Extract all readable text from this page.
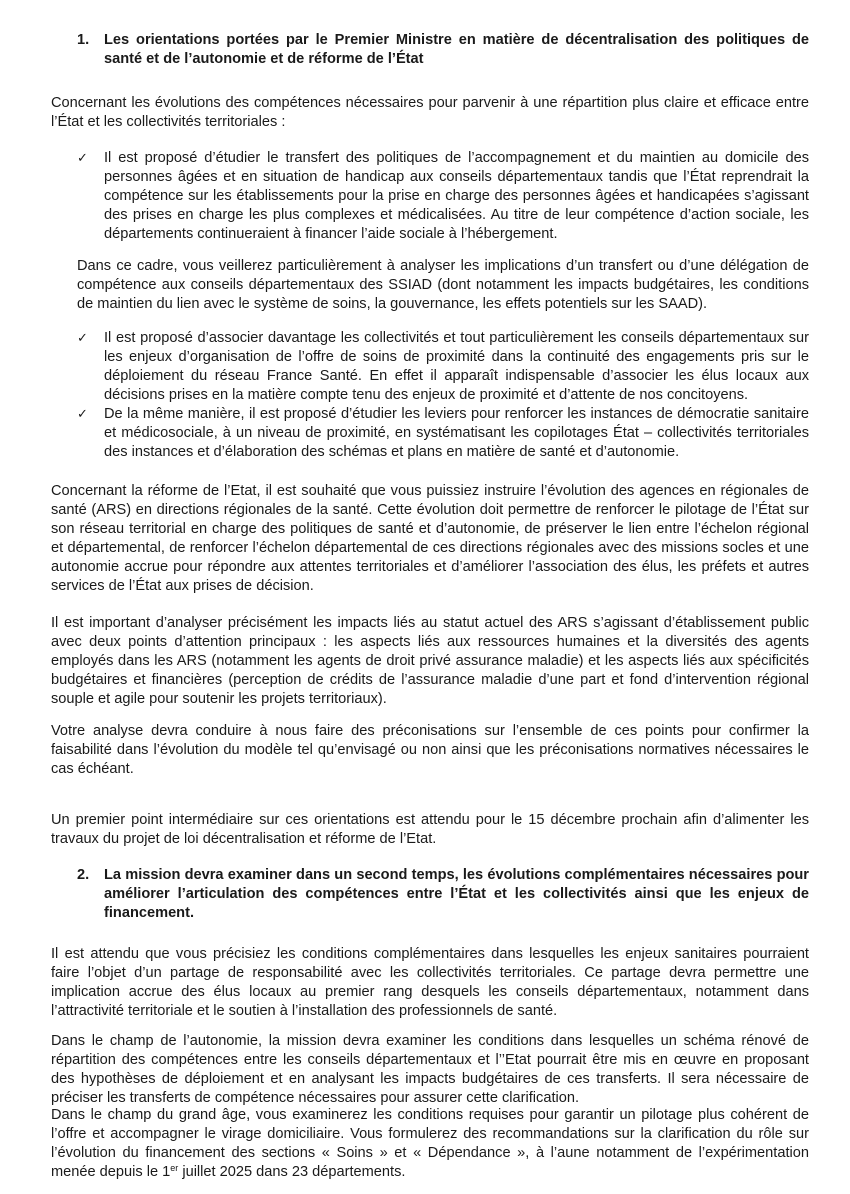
1. Les orientations portées par le Premier Ministre en matière de décentralisation des politiques de santé et de l’autonomie et de réforme de l’État

Concernant les évolutions des compétences nécessaires pour parvenir à une répartition plus claire et efficace entre l’État et les collectivités territoriales :

✓ Il est proposé d’étudier le transfert des politiques de l’accompagnement et du maintien au domicile des personnes âgées et en situation de handicap aux conseils départementaux tandis que l’État reprendrait la compétence sur les établissements pour la prise en charge des personnes âgées et handicapées s’agissant des prises en charge les plus complexes et médicalisées. Au titre de leur compétence d’action sociale, les départements continueraient à financer l’aide sociale à l’hébergement.

Dans ce cadre, vous veillerez particulièrement à analyser les implications d’un transfert ou d’une délégation de compétence aux conseils départementaux des SSIAD (dont notamment les impacts budgétaires, les conditions de maintien du lien avec le système de soins, la gouvernance, les effets potentiels sur les SAAD).

✓ Il est proposé d’associer davantage les collectivités et tout particulièrement les conseils départementaux sur les enjeux d’organisation de l’offre de soins de proximité dans la continuité des engagements pris sur le déploiement du réseau France Santé. En effet il apparaît indispensable d’associer les élus locaux aux décisions prises en la matière compte tenu des enjeux de proximité et d’attente de nos concitoyens.
✓ De la même manière, il est proposé d’étudier les leviers pour renforcer les instances de démocratie sanitaire et médicosociale, à un niveau de proximité, en systématisant les copilotages État – collectivités territoriales des instances et d’élaboration des schémas et plans en matière de santé et d’autonomie.

Concernant la réforme de l’Etat, il est souhaité que vous puissiez instruire l’évolution des agences en régionales de santé (ARS) en directions régionales de la santé. Cette évolution doit permettre de renforcer le pilotage de l’État sur son réseau territorial en charge des politiques de santé et d’autonomie, de préserver le lien entre l’échelon régional et départemental, de renforcer l’échelon départemental de ces directions régionales avec des missions socles et une autonomie accrue pour répondre aux attentes territoriales et d’améliorer l’association des élus, les préfets et autres services de l’État aux prises de décision.

Il est important d’analyser précisément les impacts liés au statut actuel des ARS s’agissant d’établissement public avec deux points d’attention principaux : les aspects liés aux ressources humaines et la diversités des agents employés dans les ARS (notamment les agents de droit privé assurance maladie) et les aspects liés aux spécificités budgétaires et financières (perception de crédits de l’assurance maladie d’une part et fond d’intervention régional souple et agile pour soutenir les projets territoriaux).

Votre analyse devra conduire à nous faire des préconisations sur l’ensemble de ces points pour confirmer la faisabilité dans l’évolution du modèle tel qu’envisagé ou non ainsi que les préconisations normatives nécessaires le cas échéant.

Un premier point intermédiaire sur ces orientations est attendu pour le 15 décembre prochain afin d’alimenter les travaux du projet de loi décentralisation et réforme de l’Etat.

2. La mission devra examiner dans un second temps, les évolutions complémentaires nécessaires pour améliorer l’articulation des compétences entre l’État et les collectivités ainsi que les enjeux de financement.

Il est attendu que vous précisiez les conditions complémentaires dans lesquelles les enjeux sanitaires pourraient faire l’objet d’un partage de responsabilité avec les collectivités territoriales. Ce partage devra permettre une implication accrue des élus locaux au premier rang desquels les conseils départementaux, notamment dans l’attractivité territoriale et le soutien à l’installation des professionnels de santé.

Dans le champ de l’autonomie, la mission devra examiner les conditions dans lesquelles un schéma rénové de répartition des compétences entre les conseils départementaux et l’’Etat pourrait être mis en œuvre en proposant des hypothèses de déploiement et en analysant les impacts budgétaires de ces transferts. Il sera nécessaire de préciser les transferts de compétence nécessaires pour assurer cette clarification.

Dans le champ du grand âge, vous examinerez les conditions requises pour garantir un pilotage plus cohérent de l’offre et accompagner le virage domiciliaire. Vous formulerez des recommandations sur la clarification du rôle sur l’évolution du financement des sections « Soins » et « Dépendance », à l’aune notamment de l’expérimentation menée depuis le 1er juillet 2025 dans 23 départements.
